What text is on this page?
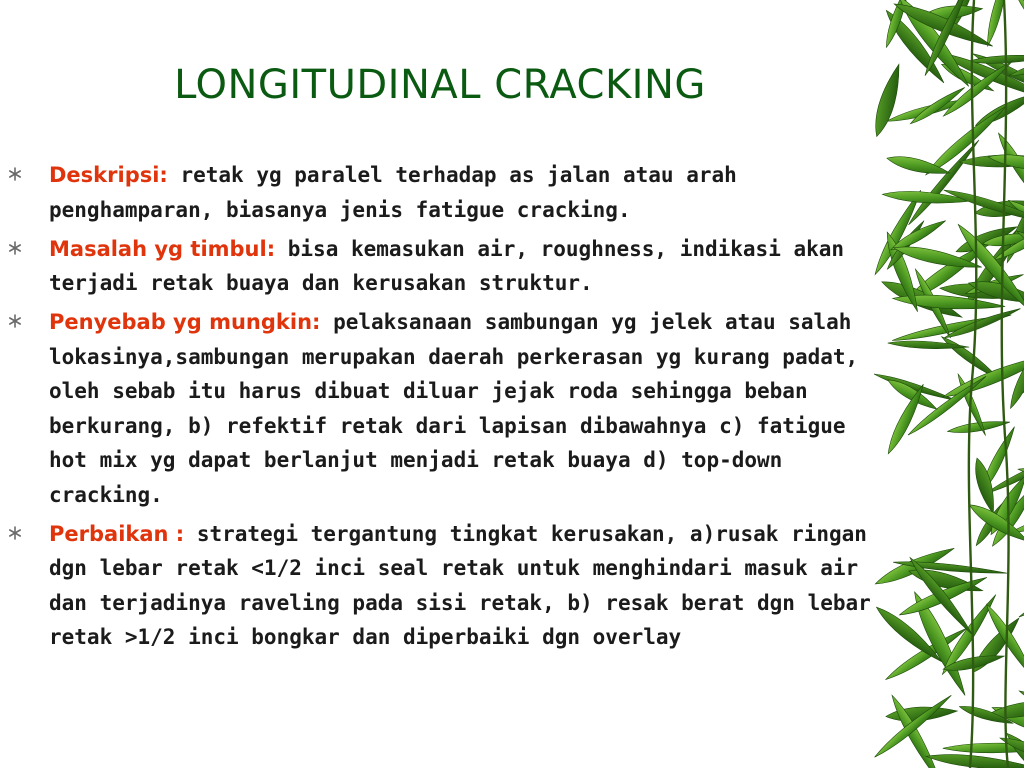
LONGITUDINAL CRACKING
Deskripsi: retak yg paralel terhadap as jalan atau arah penghamparan, biasanya jenis fatigue cracking.
Masalah yg timbul: bisa kemasukan air, roughness, indikasi akan terjadi retak buaya dan kerusakan struktur.
Penyebab yg mungkin: pelaksanaan sambungan yg jelek atau salah lokasinya,sambungan merupakan daerah perkerasan yg kurang padat, oleh sebab itu harus dibuat diluar jejak roda sehingga beban berkurang, b) refektif retak dari lapisan dibawahnya c) fatigue hot mix yg dapat berlanjut menjadi retak buaya d) top-down cracking.
Perbaikan : strategi tergantung tingkat kerusakan, a)rusak ringan dgn lebar retak <1/2 inci seal retak untuk menghindari masuk air dan terjadinya raveling pada sisi retak, b) resak berat dgn lebar retak >1/2 inci bongkar dan diperbaiki dgn overlay
